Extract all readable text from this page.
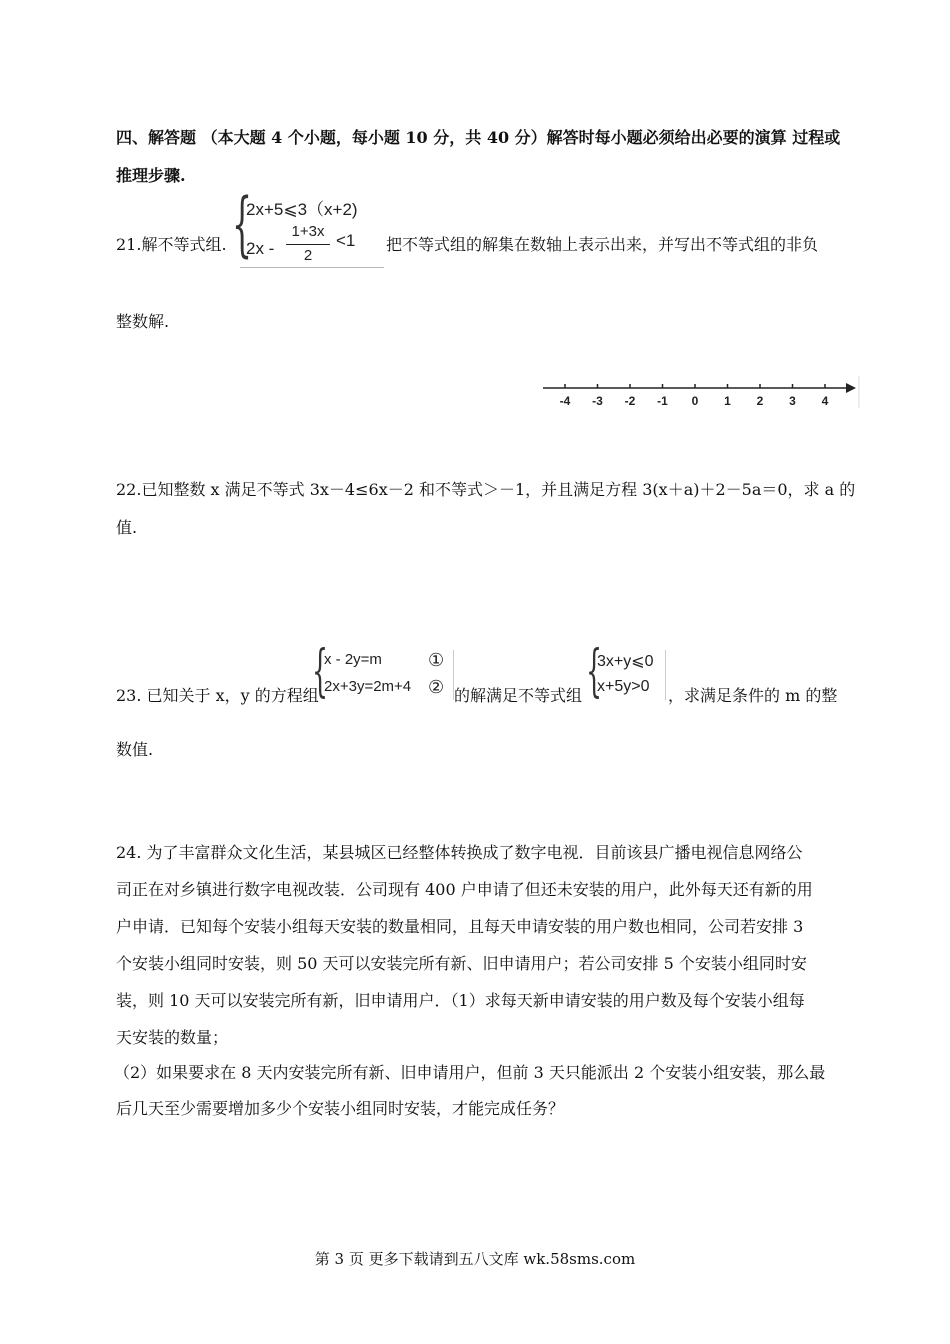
四、解答题 （本大题 4 个小题，每小题 10 分，共 40 分）解答时每小题必须给出必要的演算 过程或
推理步骤.
21.解不等式组. {
2x+5⩽3（x+2)
2x -
1+3x
2
<1 把不等式组的解集在数轴上表示出来，并写出不等式组的非负
整数解.
-4 -3 -2 -1 0 1 2 3 4
22.已知整数 x 满足不等式 3x－4≤6x－2 和不等式＞－1，并且满足方程 3(x＋a)＋2－5a＝0，求 a 的
值.
23. 已知关于 x，y 的方程组
{
x - 2y=m
2x+3y=2m+4
①
② 的解满足不等式组 {
3x+y⩽0
x+5y>0 ，求满足条件的 m 的整
数值.
24. 为了丰富群众文化生活，某县城区已经整体转换成了数字电视．目前该县广播电视信息网络公
司正在对乡镇进行数字电视改装．公司现有 400 户申请了但还未安装的用户，此外每天还有新的用
户申请．已知每个安装小组每天安装的数量相同，且每天申请安装的用户数也相同，公司若安排 3
个安装小组同时安装，则 50 天可以安装完所有新、旧申请用户；若公司安排 5 个安装小组同时安
装，则 10 天可以安装完所有新，旧申请用户．（1）求每天新申请安装的用户数及每个安装小组每
天安装的数量；
（2）如果要求在 8 天内安装完所有新、旧申请用户，但前 3 天只能派出 2 个安装小组安装，那么最
后几天至少需要增加多少个安装小组同时安装，才能完成任务？
第 3 页 更多下载请到五八文库 wk.58sms.com
